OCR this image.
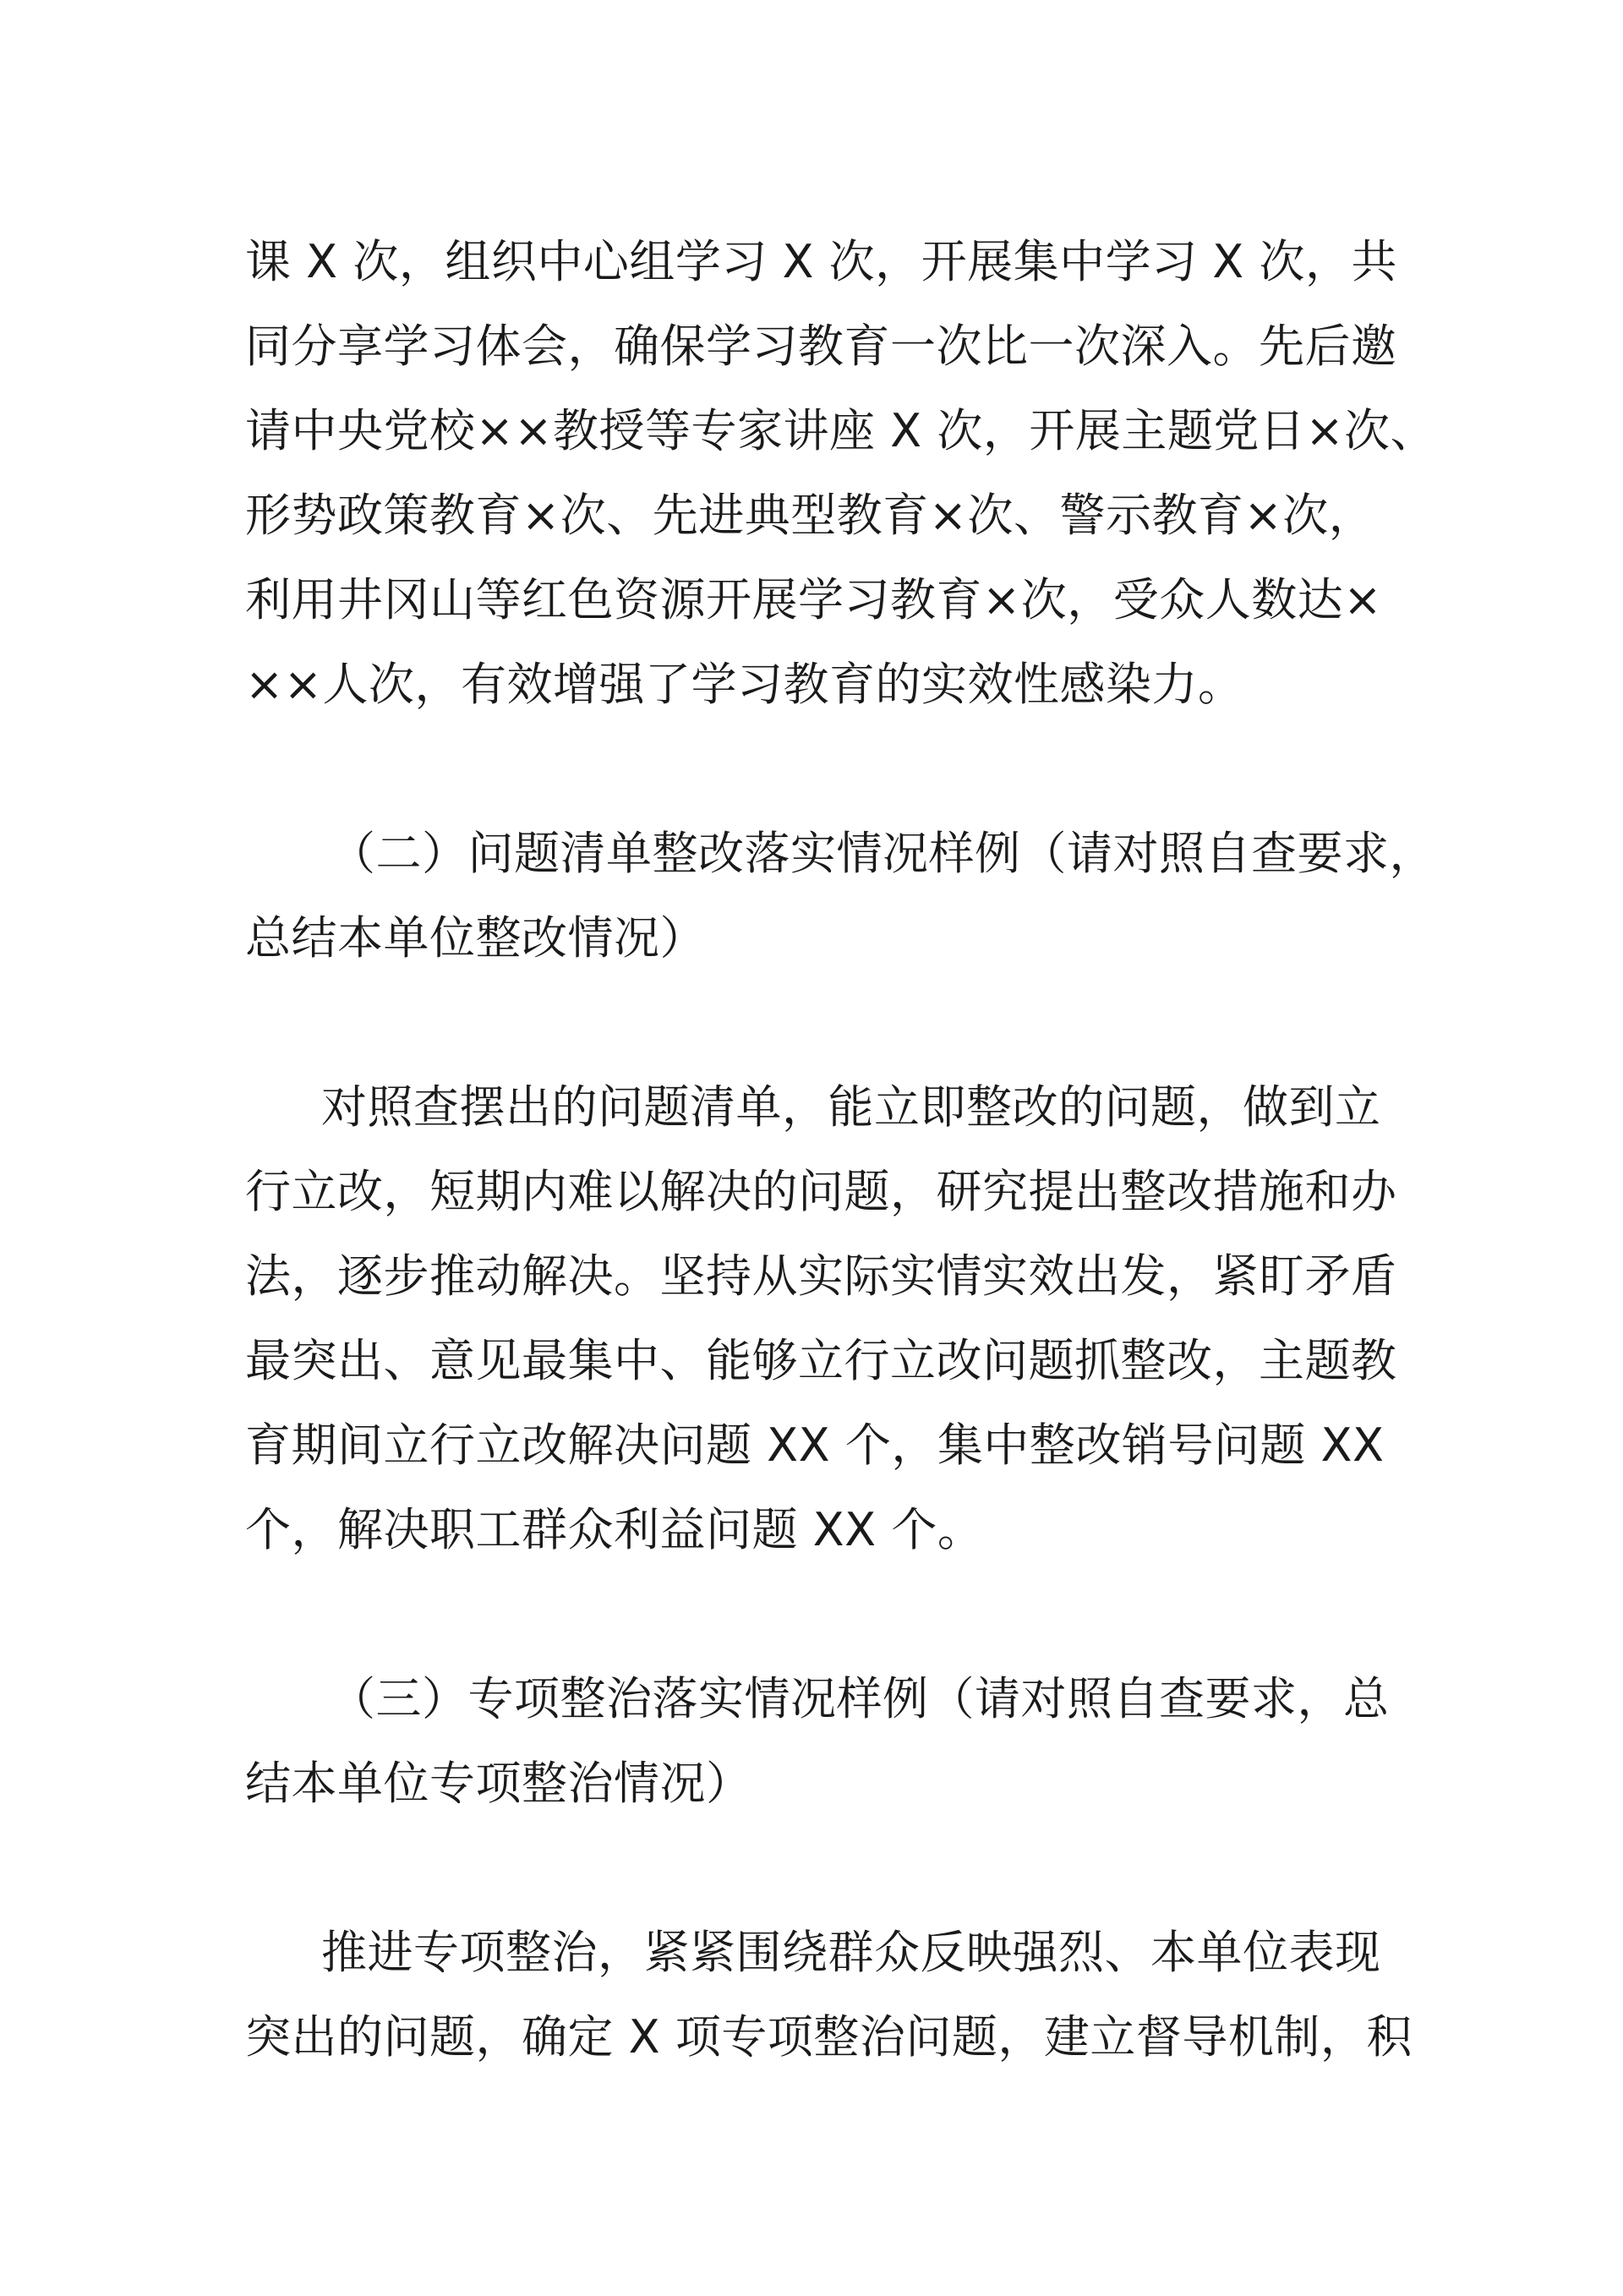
课 X 次，组织中心组学习 X 次，开展集中学习 X 次，共
同分享学习体会，确保学习教育一次比一次深入。先后邀
请中央党校××教授等专家讲座 X 次，开展主题党日×次、
形势政策教育×次、先进典型教育×次、警示教育×次，
利用井冈山等红色资源开展学习教育×次，受众人数达×
××人次，有效增强了学习教育的实效性感染力。
（二）问题清单整改落实情况样例（请对照自查要求，
总结本单位整改情况）
对照查摆出的问题清单，能立即整改的问题，做到立
行立改，短期内难以解决的问题，研究提出整改措施和办
法，逐步推动解决。坚持从实际实情实效出发，紧盯矛盾
最突出、意见最集中、能够立行立改问题抓整改，主题教
育期间立行立改解决问题 XX 个，集中整改销号问题 XX
个，解决职工群众利益问题 XX 个。
（三）专项整治落实情况样例（请对照自查要求，总
结本单位专项整治情况）
推进专项整治，紧紧围绕群众反映强烈、本单位表现
突出的问题，确定 X 项专项整治问题，建立督导机制，积
